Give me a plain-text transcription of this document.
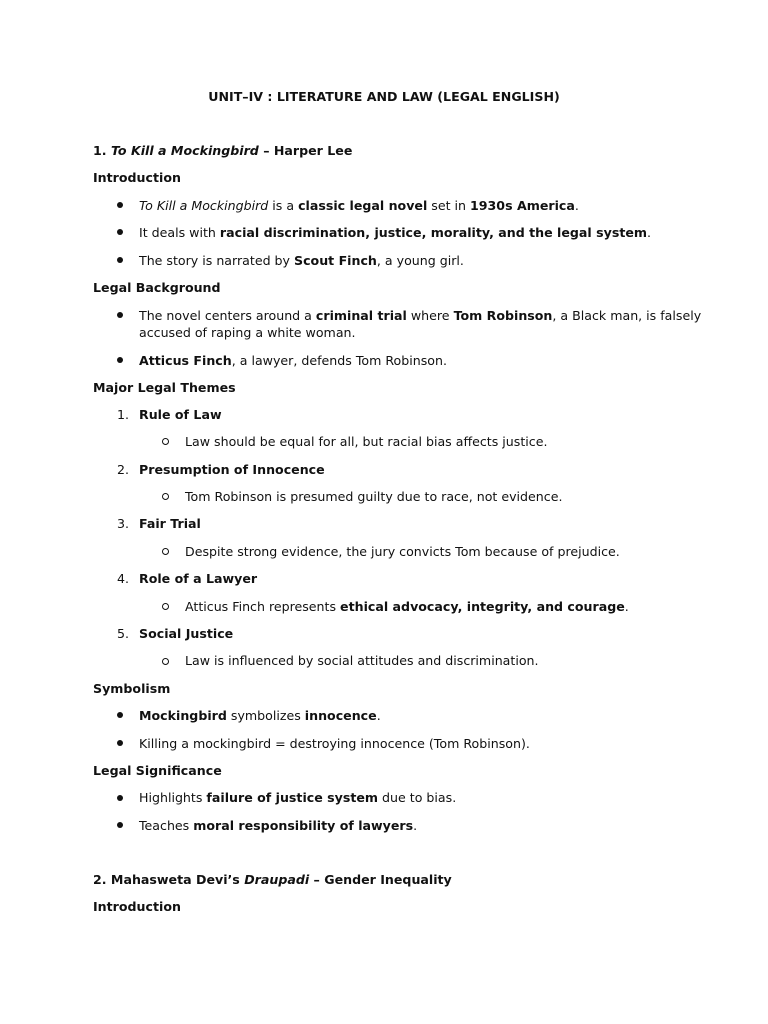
UNIT–IV : LITERATURE AND LAW (LEGAL ENGLISH)
1. To Kill a Mockingbird – Harper Lee
Introduction
To Kill a Mockingbird is a classic legal novel set in 1930s America.
It deals with racial discrimination, justice, morality, and the legal system.
The story is narrated by Scout Finch, a young girl.
Legal Background
The novel centers around a criminal trial where Tom Robinson, a Black man, is falsely
accused of raping a white woman.
Atticus Finch, a lawyer, defends Tom Robinson.
Major Legal Themes
1. Rule of Law
Law should be equal for all, but racial bias affects justice.
2. Presumption of Innocence
Tom Robinson is presumed guilty due to race, not evidence.
3. Fair Trial
Despite strong evidence, the jury convicts Tom because of prejudice.
4. Role of a Lawyer
Atticus Finch represents ethical advocacy, integrity, and courage.
5. Social Justice
Law is influenced by social attitudes and discrimination.
Symbolism
Mockingbird symbolizes innocence.
Killing a mockingbird = destroying innocence (Tom Robinson).
Legal Significance
Highlights failure of justice system due to bias.
Teaches moral responsibility of lawyers.
2. Mahasweta Devi’s Draupadi – Gender Inequality
Introduction
